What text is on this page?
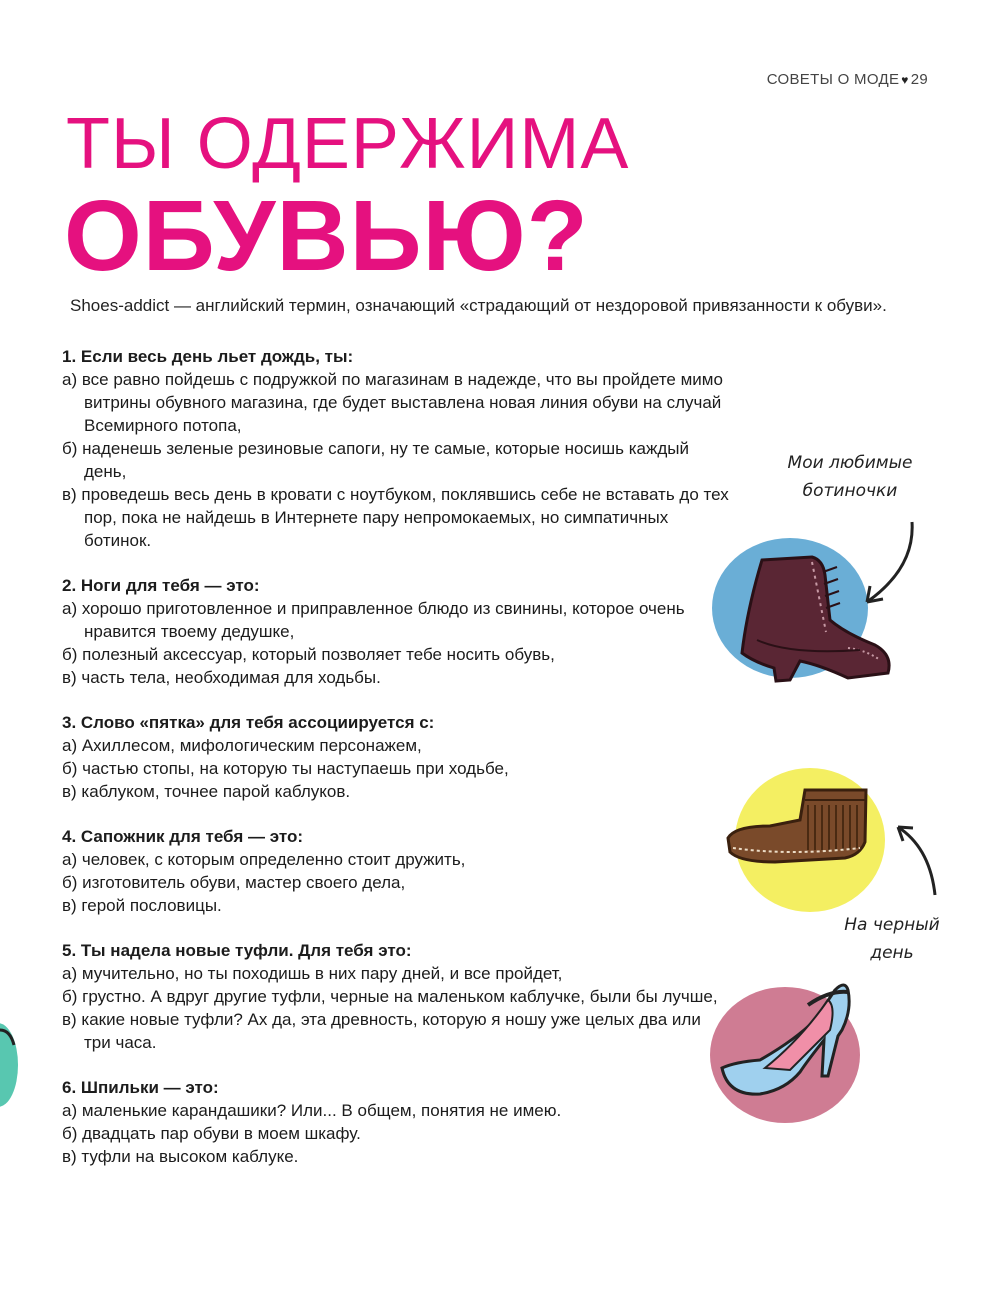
СОВЕТЫ О МОДЕ ♥ 29
ТЫ ОДЕРЖИМА
ОБУВЬЮ?
Shoes-addict — английский термин, означающий «страдающий от нездоровой привязанности к обуви».
1. Если весь день льет дождь, ты:
а) все равно пойдешь с подружкой по магазинам в надежде, что вы пройдете мимо витрины обувного магазина, где будет выставлена новая линия обуви на случай Всемирного потопа,
б) наденешь зеленые резиновые сапоги, ну те самые, которые носишь каждый день,
в) проведешь весь день в кровати с ноутбуком, поклявшись себе не вставать до тех пор, пока не найдешь в Интернете пару непромокаемых, но симпатичных ботинок.
2. Ноги для тебя — это:
а) хорошо приготовленное и приправленное блюдо из свинины, которое очень нравится твоему дедушке,
б) полезный аксессуар, который позволяет тебе носить обувь,
в) часть тела, необходимая для ходьбы.
3. Слово «пятка» для тебя ассоциируется с:
а) Ахиллесом, мифологическим персонажем,
б) частью стопы, на которую ты наступаешь при ходьбе,
в) каблуком, точнее парой каблуков.
4. Сапожник для тебя — это:
а) человек, с которым определенно стоит дружить,
б) изготовитель обуви, мастер своего дела,
в) герой пословицы.
5. Ты надела новые туфли. Для тебя это:
а) мучительно, но ты походишь в них пару дней, и все пройдет,
б) грустно. А вдруг другие туфли, черные на маленьком каблучке, были бы лучше,
в) какие новые туфли? Ах да, эта древность, которую я ношу уже целых два или три часа.
6. Шпильки — это:
а) маленькие карандашики? Или... В общем, понятия не имею.
б) двадцать пар обуви в моем шкафу.
в) туфли на высоком каблуке.
Мои любимые
ботиночки
На черный
день
